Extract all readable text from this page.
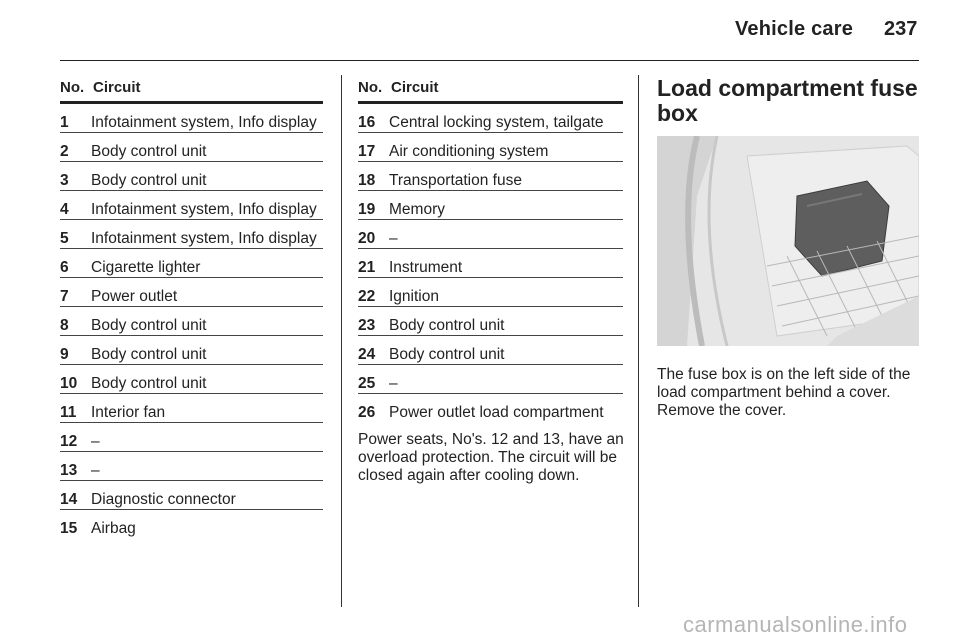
Vehicle care 237
No. Circuit
1	Infotainment system, Info display
2	Body control unit
3	Body control unit
4	Infotainment system, Info display
5	Infotainment system, Info display
6	Cigarette lighter
7	Power outlet
8	Body control unit
9	Body control unit
10 Body control unit
11 Interior fan
12 –
13 –
14 Diagnostic connector
15 Airbag
No. Circuit
16 Central locking system, tailgate
17 Air conditioning system
18 Transportation fuse
19 Memory
20 –
21 Instrument
22 Ignition
23 Body control unit
24 Body control unit
25 –
26 Power outlet load compartment
Power seats, No's. 12 and 13, have an overload protection. The circuit will be closed again after cooling down.
Load compartment fuse box
The fuse box is on the left side of the load compartment behind a cover. Remove the cover.
carmanualsonline.info
